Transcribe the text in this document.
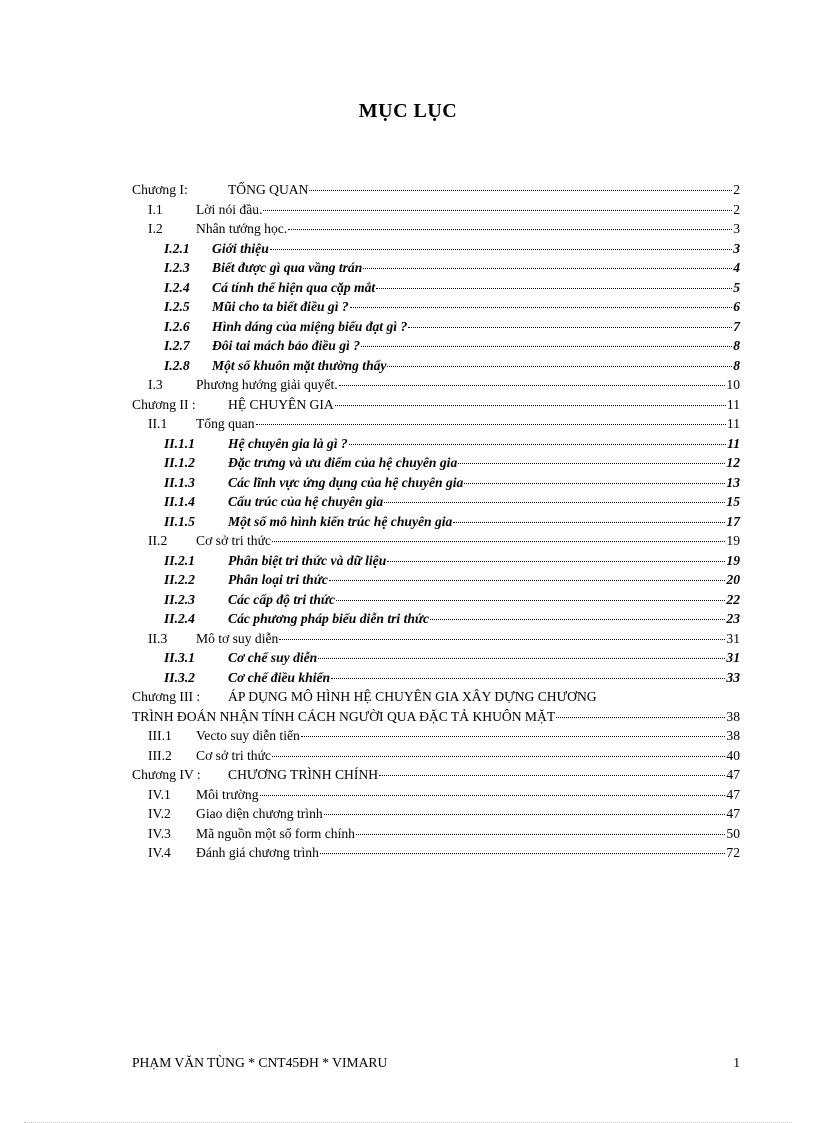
MỤC LỤC
Chương I:	TỔNG QUAN	2
I.1	Lời nói đầu.	2
I.2	Nhân tướng học.	3
I.2.1	Giới thiệu	3
I.2.3	Biết được gì qua vầng trán	4
I.2.4	Cá tính thể hiện qua cặp mắt	5
I.2.5	Mũi cho ta biết điều gì ?	6
I.2.6	Hình dáng của miệng biểu đạt gì ?	7
I.2.7	Đôi tai mách bảo điều gì ?	8
I.2.8	Một số khuôn mặt thường thấy	8
I.3	Phương hướng giải quyết.	10
Chương II :	HỆ CHUYÊN GIA	11
II.1	Tổng quan	11
II.1.1	Hệ chuyên gia là gì ?	11
II.1.2	Đặc trưng và ưu điểm của hệ chuyên gia	12
II.1.3	Các lĩnh vực ứng dụng của hệ chuyên gia	13
II.1.4	Cấu trúc của hệ chuyên gia	15
II.1.5	Một số mô hình kiến trúc hệ chuyên gia	17
II.2	Cơ sở tri thức	19
II.2.1	Phân biệt tri thức và dữ liệu	19
II.2.2	Phân loại tri thức	20
II.2.3	Các cấp độ tri thức	22
II.2.4	Các phương pháp biểu diễn tri thức	23
II.3	Mô tơ suy diễn	31
II.3.1	Cơ chế suy diễn	31
II.3.2	Cơ chế điều khiển	33
Chương III :	ÁP DỤNG MÔ HÌNH HỆ CHUYÊN GIA XÂY DỰNG CHƯƠNG
TRÌNH ĐOÁN NHẬN TÍNH CÁCH NGƯỜI QUA ĐẶC TẢ KHUÔN MẶT	38
III.1	Vecto suy diễn tiến	38
III.2	Cơ sở tri thức	40
Chương IV :	CHƯƠNG TRÌNH CHÍNH	47
IV.1	Môi trường	47
IV.2	Giao diện chương trình	47
IV.3	Mã nguồn một số form chính	50
IV.4	Đánh giá chương trình	72
PHẠM VĂN TÙNG * CNT45ĐH * VIMARU	1
